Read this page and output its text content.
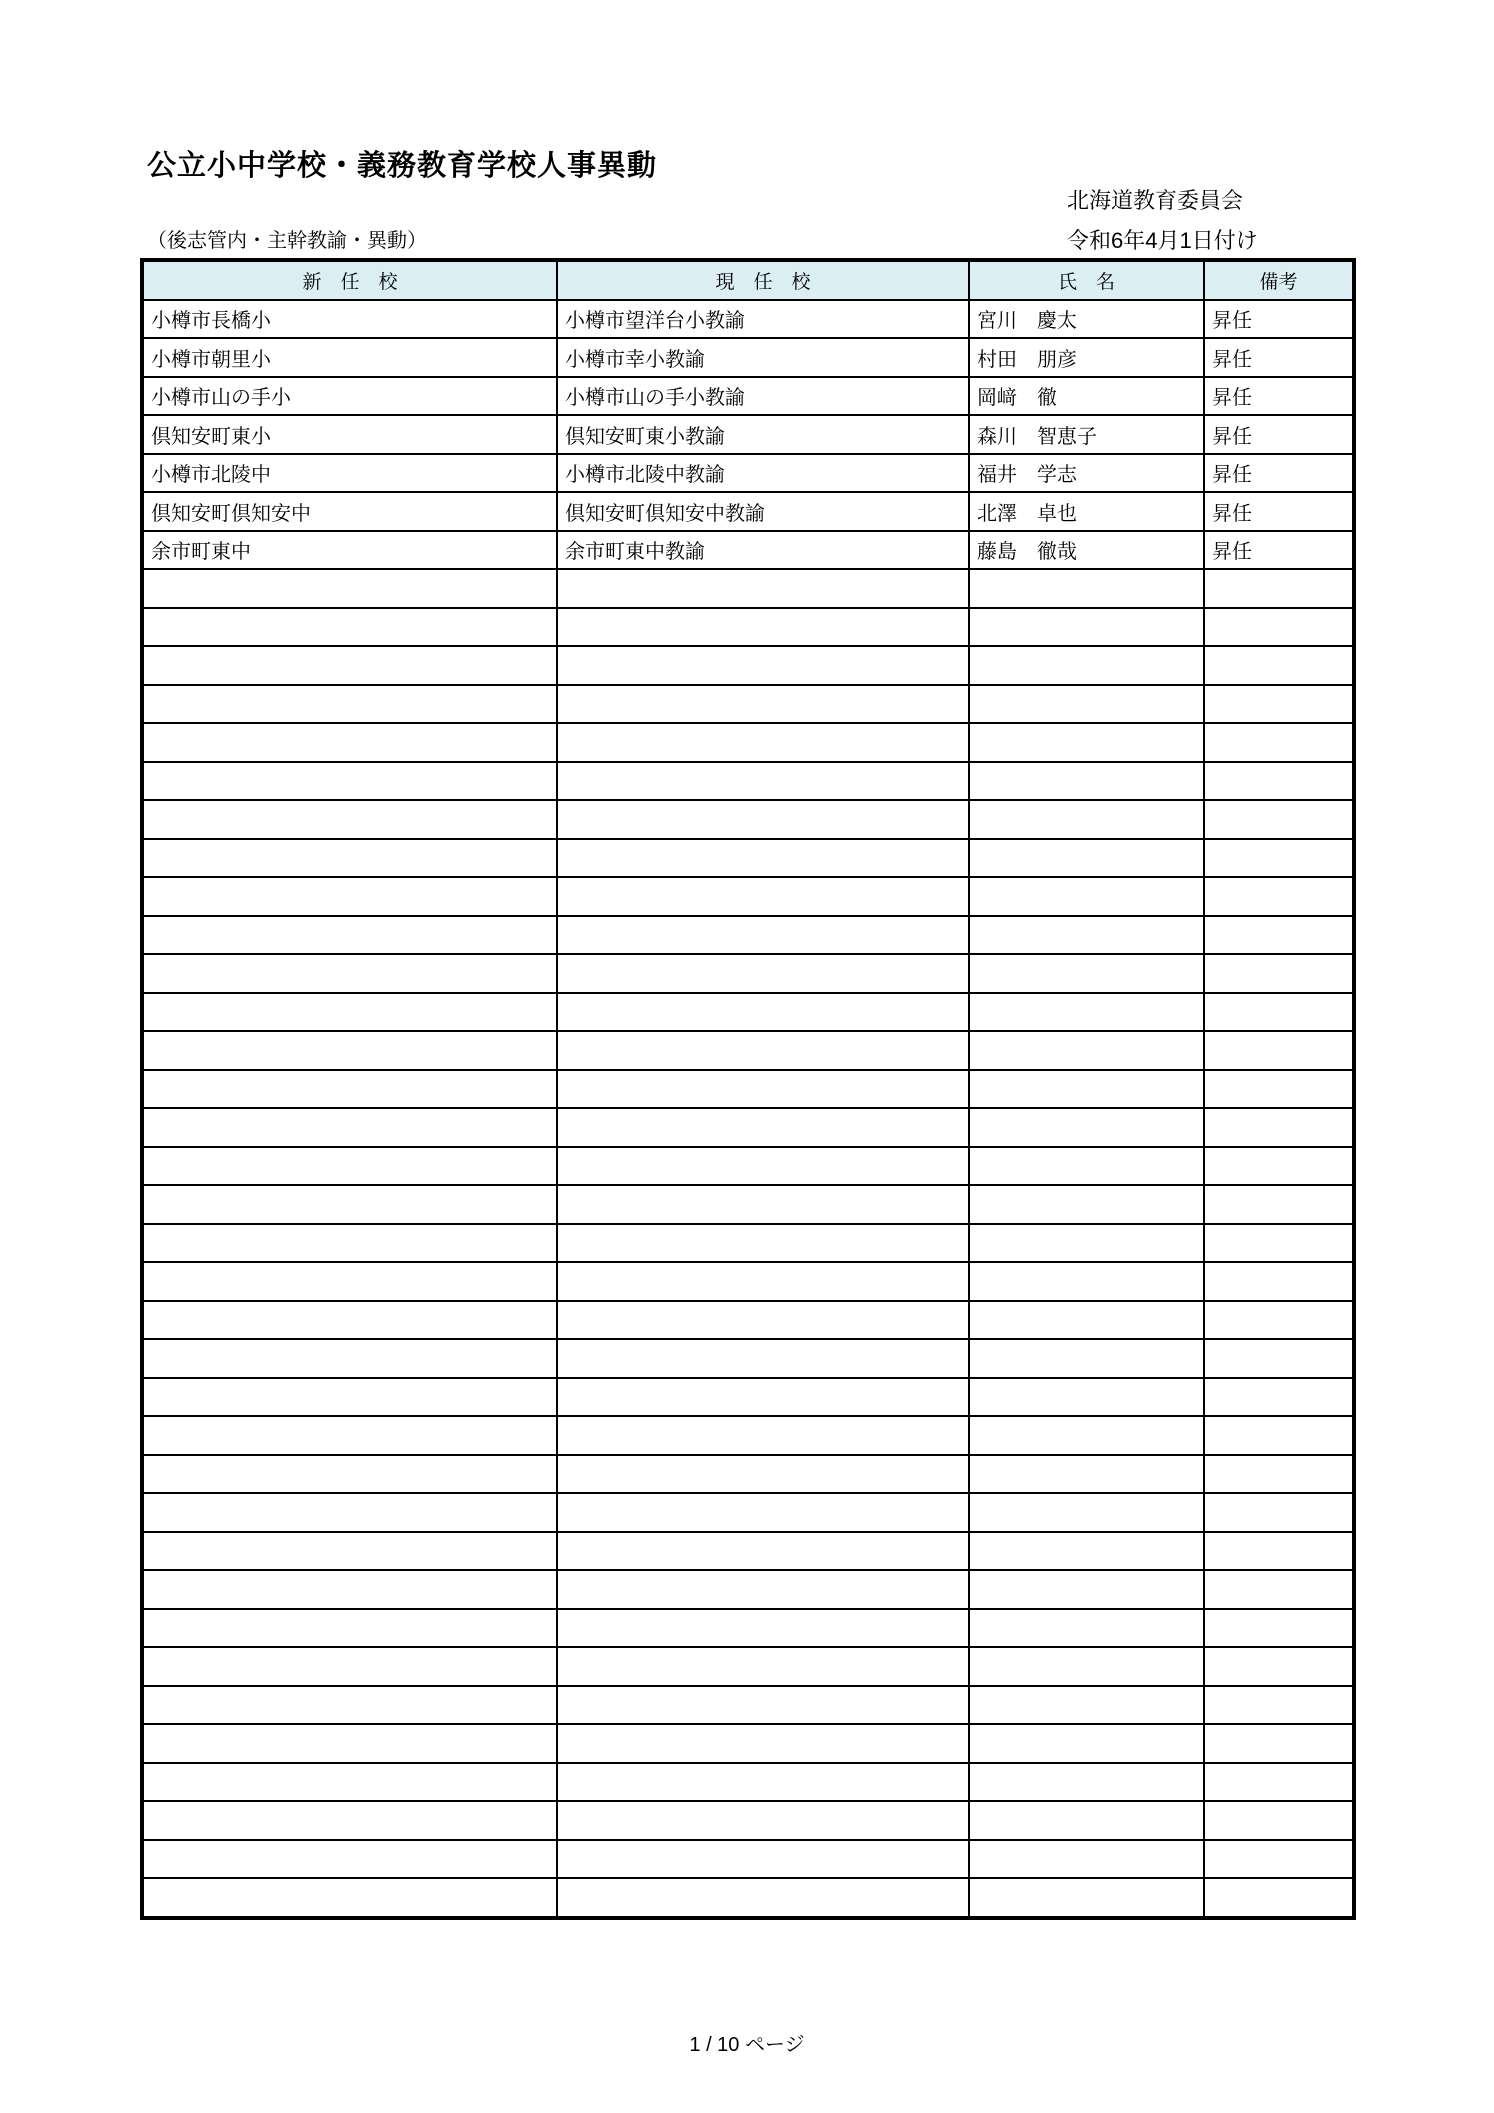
公立小中学校・義務教育学校人事異動
北海道教育委員会
（後志管内・主幹教諭・異動）	令和6年4月1日付け
新　任　校	現　任　校	氏　名	備考
小樽市長橋小	小樽市望洋台小教諭	宮川　慶太	昇任
小樽市朝里小	小樽市幸小教諭	村田　朋彦	昇任
小樽市山の手小	小樽市山の手小教諭	岡﨑　徹	昇任
倶知安町東小	倶知安町東小教諭	森川　智恵子	昇任
小樽市北陵中	小樽市北陵中教諭	福井　学志	昇任
倶知安町倶知安中	倶知安町倶知安中教諭	北澤　卓也	昇任
余市町東中	余市町東中教諭	藤島　徹哉	昇任

1 / 10 ページ
